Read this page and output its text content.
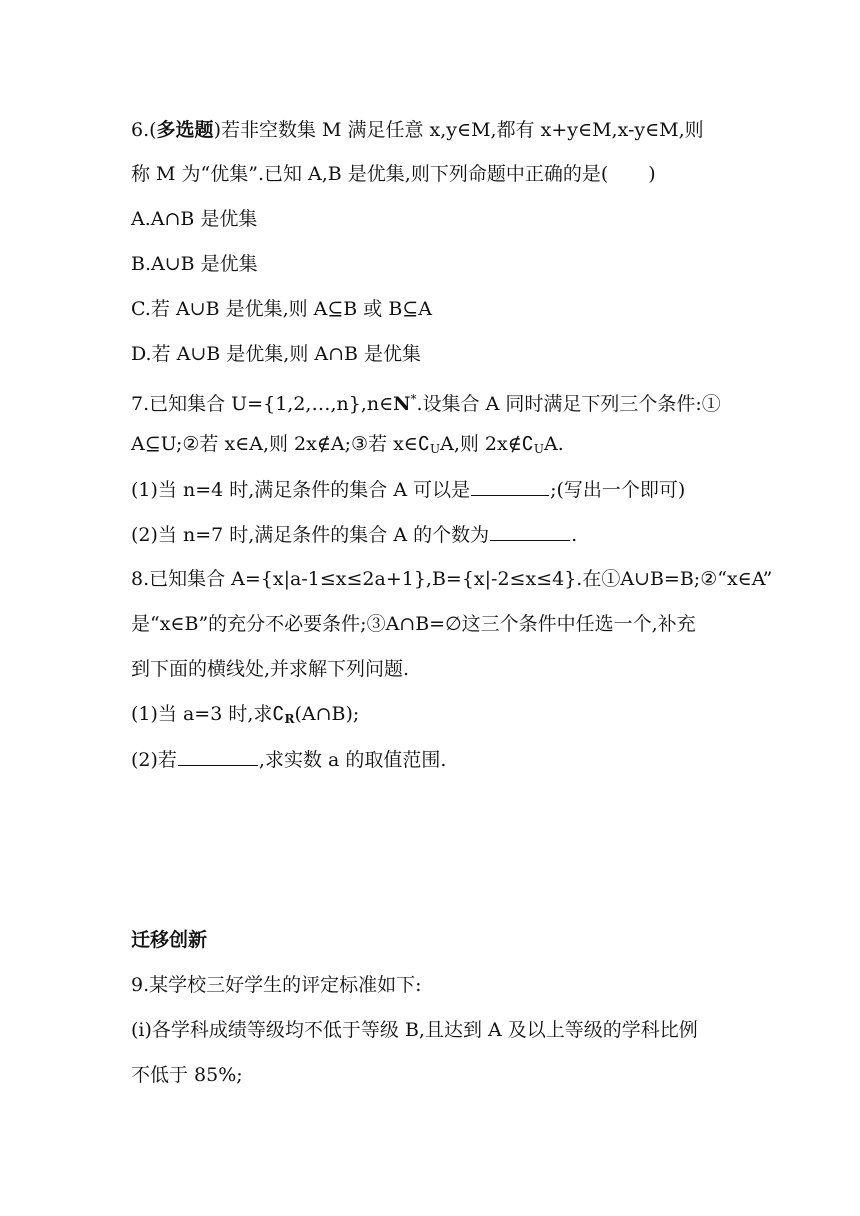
6.(多选题)若非空数集 M 满足任意 x,y∈M,都有 x+y∈M,x-y∈M,则
称 M 为“优集”.已知 A,B 是优集,则下列命题中正确的是( )
A.A∩B 是优集
B.A∪B 是优集
C.若 A∪B 是优集,则 A⊆B 或 B⊆A
D.若 A∪B 是优集,则 A∩B 是优集
7.已知集合 U={1,2,…,n},n∈N*.设集合 A 同时满足下列三个条件:①
A⊆U;②若 x∈A,则 2x∉A;③若 $x\in∁_UA$,则 $2x\notin∁_UA$.
(1)当 n=4 时,满足条件的集合 A 可以是	;(写出一个即可)
(2)当 n=7 时,满足条件的集合 A 的个数为	.
8.已知集合 A={x|a-1≤x≤2a+1},B={x|-2≤x≤4}.在①A∪B=B;②“x∈A”
是“x∈B”的充分不必要条件;③A∩B=∅这三个条件中任选一个,补充
到下面的横线处,并求解下列问题.
(1)当 a=3 时,求$∁_R(A\cap B)$;
(2)若	,求实数 a 的取值范围.
迁移创新
9.某学校三好学生的评定标准如下:
(i)各学科成绩等级均不低于等级 B,且达到 A 及以上等级的学科比例
不低于 85%;
